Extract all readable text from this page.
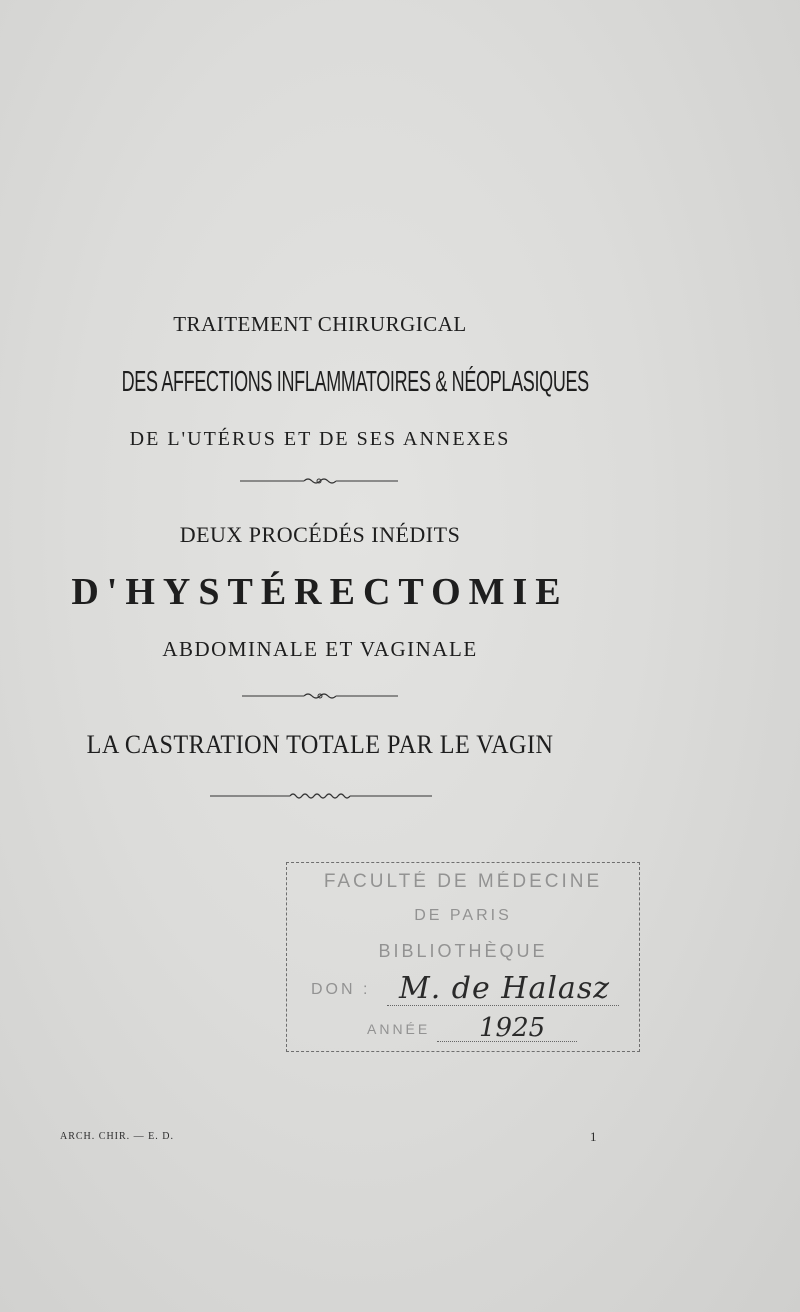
TRAITEMENT CHIRURGICAL
DES AFFECTIONS INFLAMMATOIRES & NÉOPLASIQUES
DE L'UTÉRUS ET DE SES ANNEXES
DEUX PROCÉDÉS INÉDITS
D'HYSTÉRECTOMIE
ABDOMINALE ET VAGINALE
LA CASTRATION TOTALE PAR LE VAGIN
FACULTÉ DE MÉDECINE
DE PARIS
BIBLIOTHÈQUE
DON :
ANNÉE
M. de Halasz
1925
ARCH. CHIR. — E. D.	1
